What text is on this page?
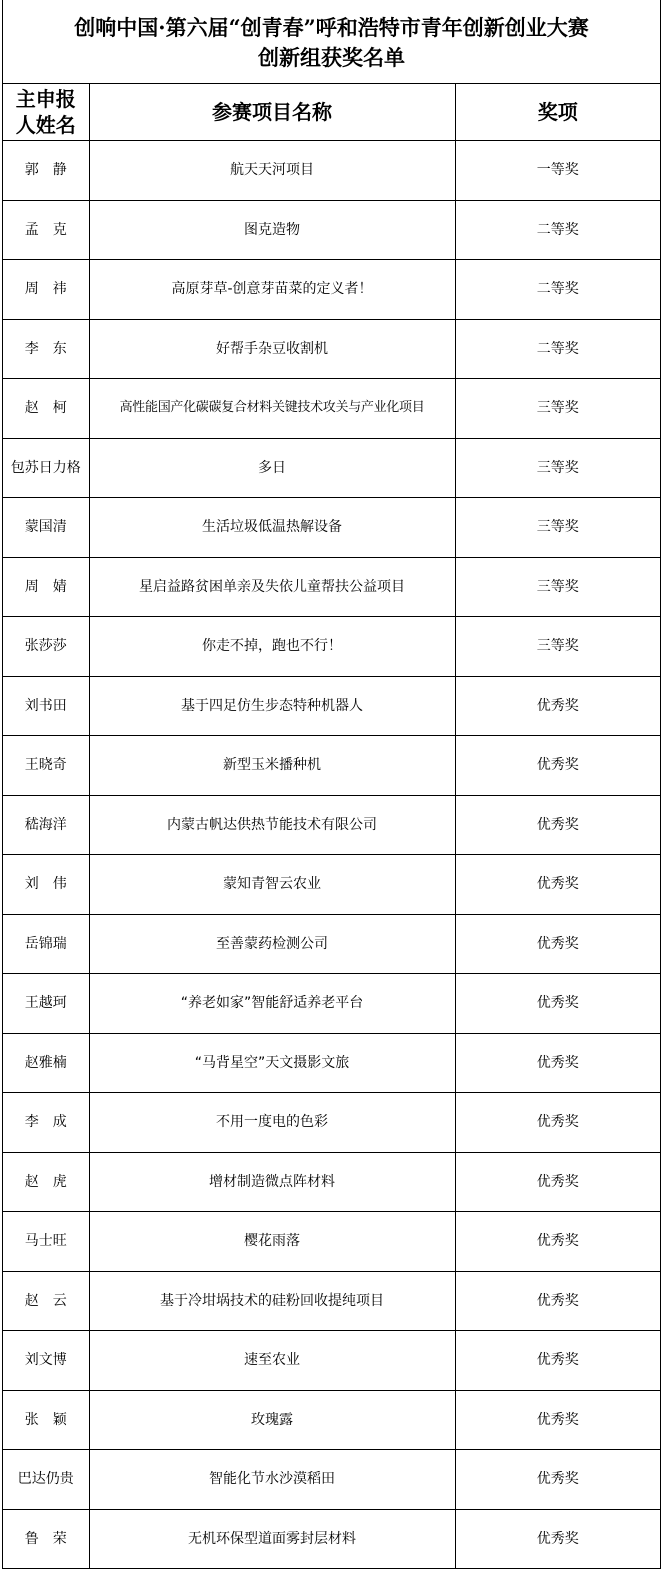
创响中国·第六届“创青春”呼和浩特市青年创新创业大赛
创新组获奖名单
主申报人姓名	参赛项目名称	奖项
郭　静	航天天河项目	一等奖
孟　克	图克造物	二等奖
周　祎	高原芽草-创意芽苗菜的定义者！	二等奖
李　东	好帮手杂豆收割机	二等奖
赵　柯	高性能国产化碳碳复合材料关键技术攻关与产业化项目	三等奖
包苏日力格	多日	三等奖
蒙国清	生活垃圾低温热解设备	三等奖
周　婧	星启益路贫困单亲及失依儿童帮扶公益项目	三等奖
张莎莎	你走不掉，跑也不行！	三等奖
刘书田	基于四足仿生步态特种机器人	优秀奖
王晓奇	新型玉米播种机	优秀奖
嵇海洋	内蒙古帆达供热节能技术有限公司	优秀奖
刘　伟	蒙知青智云农业	优秀奖
岳锦瑞	至善蒙药检测公司	优秀奖
王越珂	“养老如家”智能舒适养老平台	优秀奖
赵雅楠	“马背星空”天文摄影文旅	优秀奖
李　成	不用一度电的色彩	优秀奖
赵　虎	增材制造微点阵材料	优秀奖
马士旺	樱花雨落	优秀奖
赵　云	基于冷坩埚技术的硅粉回收提纯项目	优秀奖
刘文博	速至农业	优秀奖
张　颖	玫瑰露	优秀奖
巴达仍贵	智能化节水沙漠稻田	优秀奖
鲁　荣	无机环保型道面雾封层材料	优秀奖
